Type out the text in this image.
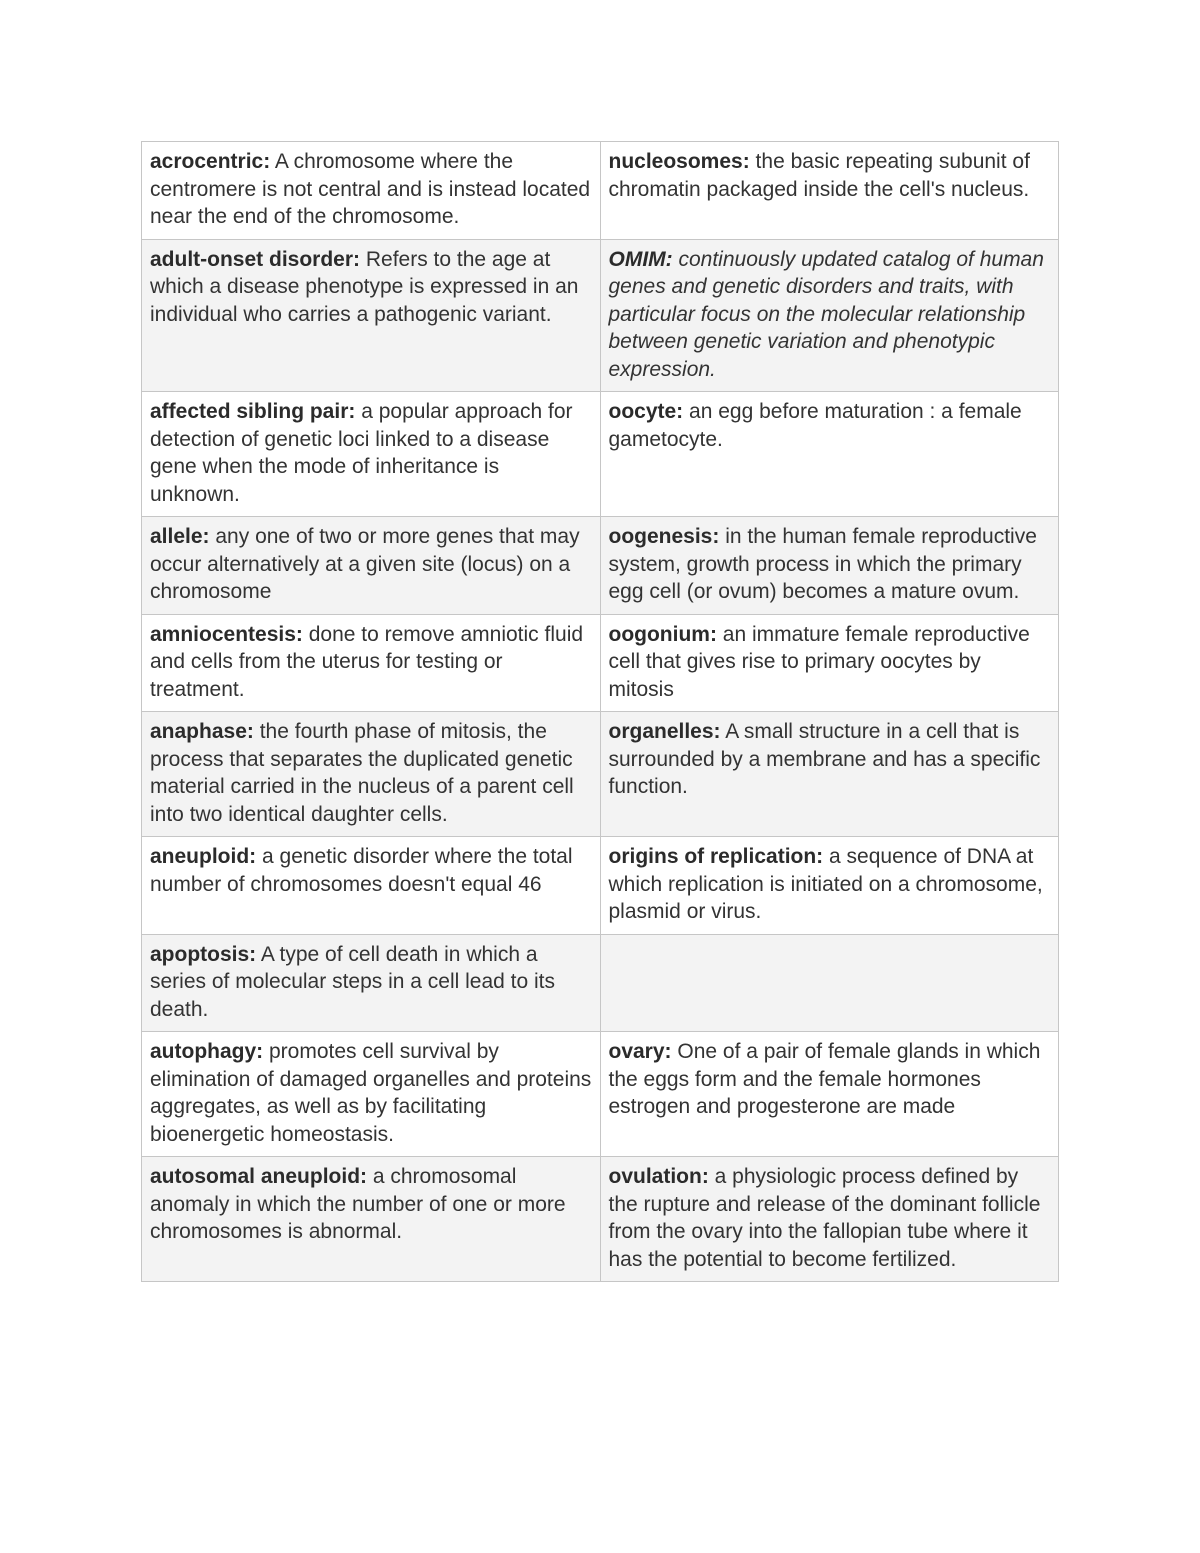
acrocentric: A chromosome where the centromere is not central and is instead located near the end of the chromosome.	nucleosomes: the basic repeating subunit of chromatin packaged inside the cell's nucleus.
adult-onset disorder: Refers to the age at which a disease phenotype is expressed in an individual who carries a pathogenic variant.	OMIM: continuously updated catalog of human genes and genetic disorders and traits, with particular focus on the molecular relationship between genetic variation and phenotypic expression.
affected sibling pair: a popular approach for detection of genetic loci linked to a disease gene when the mode of inheritance is unknown.	oocyte: an egg before maturation : a female gametocyte.
allele: any one of two or more genes that may occur alternatively at a given site (locus) on a chromosome	oogenesis: in the human female reproductive system, growth process in which the primary egg cell (or ovum) becomes a mature ovum.
amniocentesis: done to remove amniotic fluid and cells from the uterus for testing or treatment.	oogonium: an immature female reproductive cell that gives rise to primary oocytes by mitosis
anaphase: the fourth phase of mitosis, the process that separates the duplicated genetic material carried in the nucleus of a parent cell into two identical daughter cells.	organelles: A small structure in a cell that is surrounded by a membrane and has a specific function.
aneuploid: a genetic disorder where the total number of chromosomes doesn't equal 46	origins of replication: a sequence of DNA at which replication is initiated on a chromosome, plasmid or virus.
apoptosis: A type of cell death in which a series of molecular steps in a cell lead to its death.	
autophagy: promotes cell survival by elimination of damaged organelles and proteins aggregates, as well as by facilitating bioenergetic homeostasis.	ovary: One of a pair of female glands in which the eggs form and the female hormones estrogen and progesterone are made
autosomal aneuploid: a chromosomal anomaly in which the number of one or more chromosomes is abnormal.	ovulation: a physiologic process defined by the rupture and release of the dominant follicle from the ovary into the fallopian tube where it has the potential to become fertilized.
